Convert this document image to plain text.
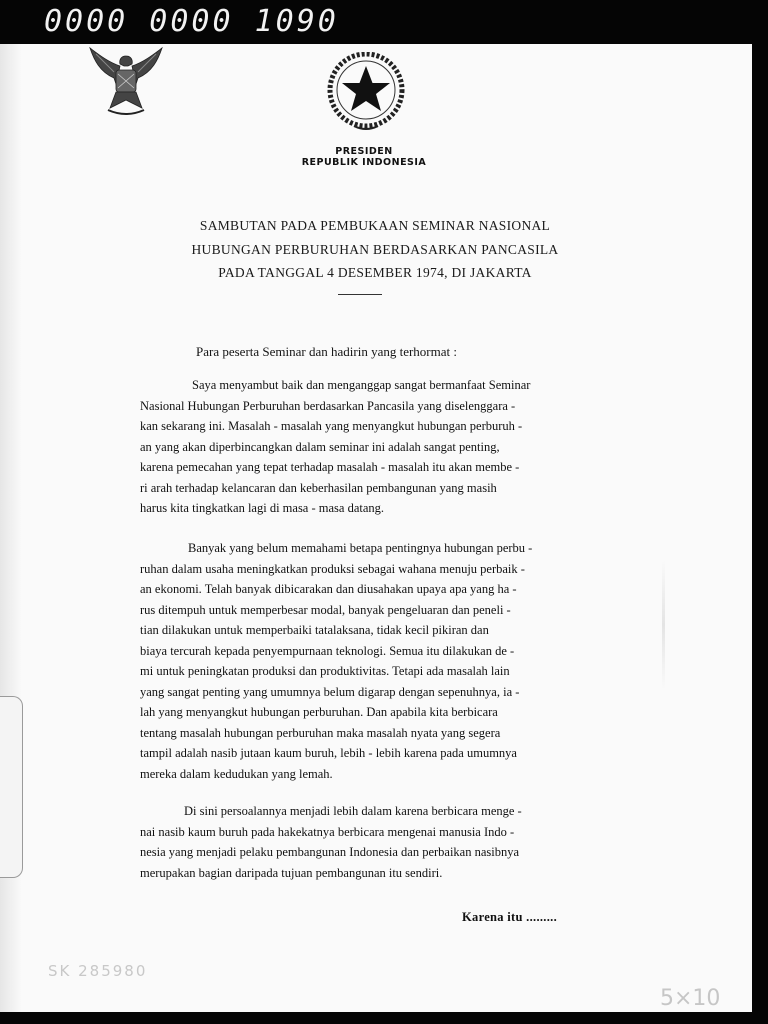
0000 0000 1090
PRESIDEN
REPUBLIK INDONESIA
SAMBUTAN PADA PEMBUKAAN SEMINAR NASIONAL
HUBUNGAN PERBURUHAN BERDASARKAN PANCASILA
PADA TANGGAL 4 DESEMBER 1974, DI JAKARTA
Para peserta Seminar dan hadirin yang terhormat :

Saya menyambut baik dan menganggap sangat bermanfaat Seminar
Nasional Hubungan Perburuhan berdasarkan Pancasila yang diselenggara -
kan sekarang ini. Masalah - masalah yang menyangkut hubungan perburuh -
an yang akan diperbincangkan dalam seminar ini adalah sangat penting,
karena pemecahan yang tepat terhadap masalah - masalah itu akan membe -
ri arah terhadap kelancaran dan keberhasilan pembangunan yang masih
harus kita tingkatkan lagi di masa - masa datang.

Banyak yang belum memahami betapa pentingnya hubungan perbu -
ruhan dalam usaha meningkatkan produksi sebagai wahana menuju perbaik -
an ekonomi. Telah banyak dibicarakan dan diusahakan upaya apa yang ha -
rus ditempuh untuk memperbesar modal, banyak pengeluaran dan peneli -
tian dilakukan untuk memperbaiki tatalaksana, tidak kecil pikiran dan
biaya tercurah kepada penyempurnaan teknologi. Semua itu dilakukan de -
mi untuk peningkatan produksi dan produktivitas. Tetapi ada masalah lain
yang sangat penting yang umumnya belum digarap dengan sepenuhnya, ia -
lah yang menyangkut hubungan perburuhan. Dan apabila kita berbicara
tentang masalah hubungan perburuhan maka masalah nyata yang segera
tampil adalah nasib jutaan kaum buruh, lebih - lebih karena pada umumnya
mereka dalam kedudukan yang lemah.

Di sini persoalannya menjadi lebih dalam karena berbicara menge -
nai nasib kaum buruh pada hakekatnya berbicara mengenai manusia Indo -
nesia yang menjadi pelaku pembangunan Indonesia dan perbaikan nasibnya
merupakan bagian daripada tujuan pembangunan itu sendiri.

Karena itu .........
SK 285980
5×10
